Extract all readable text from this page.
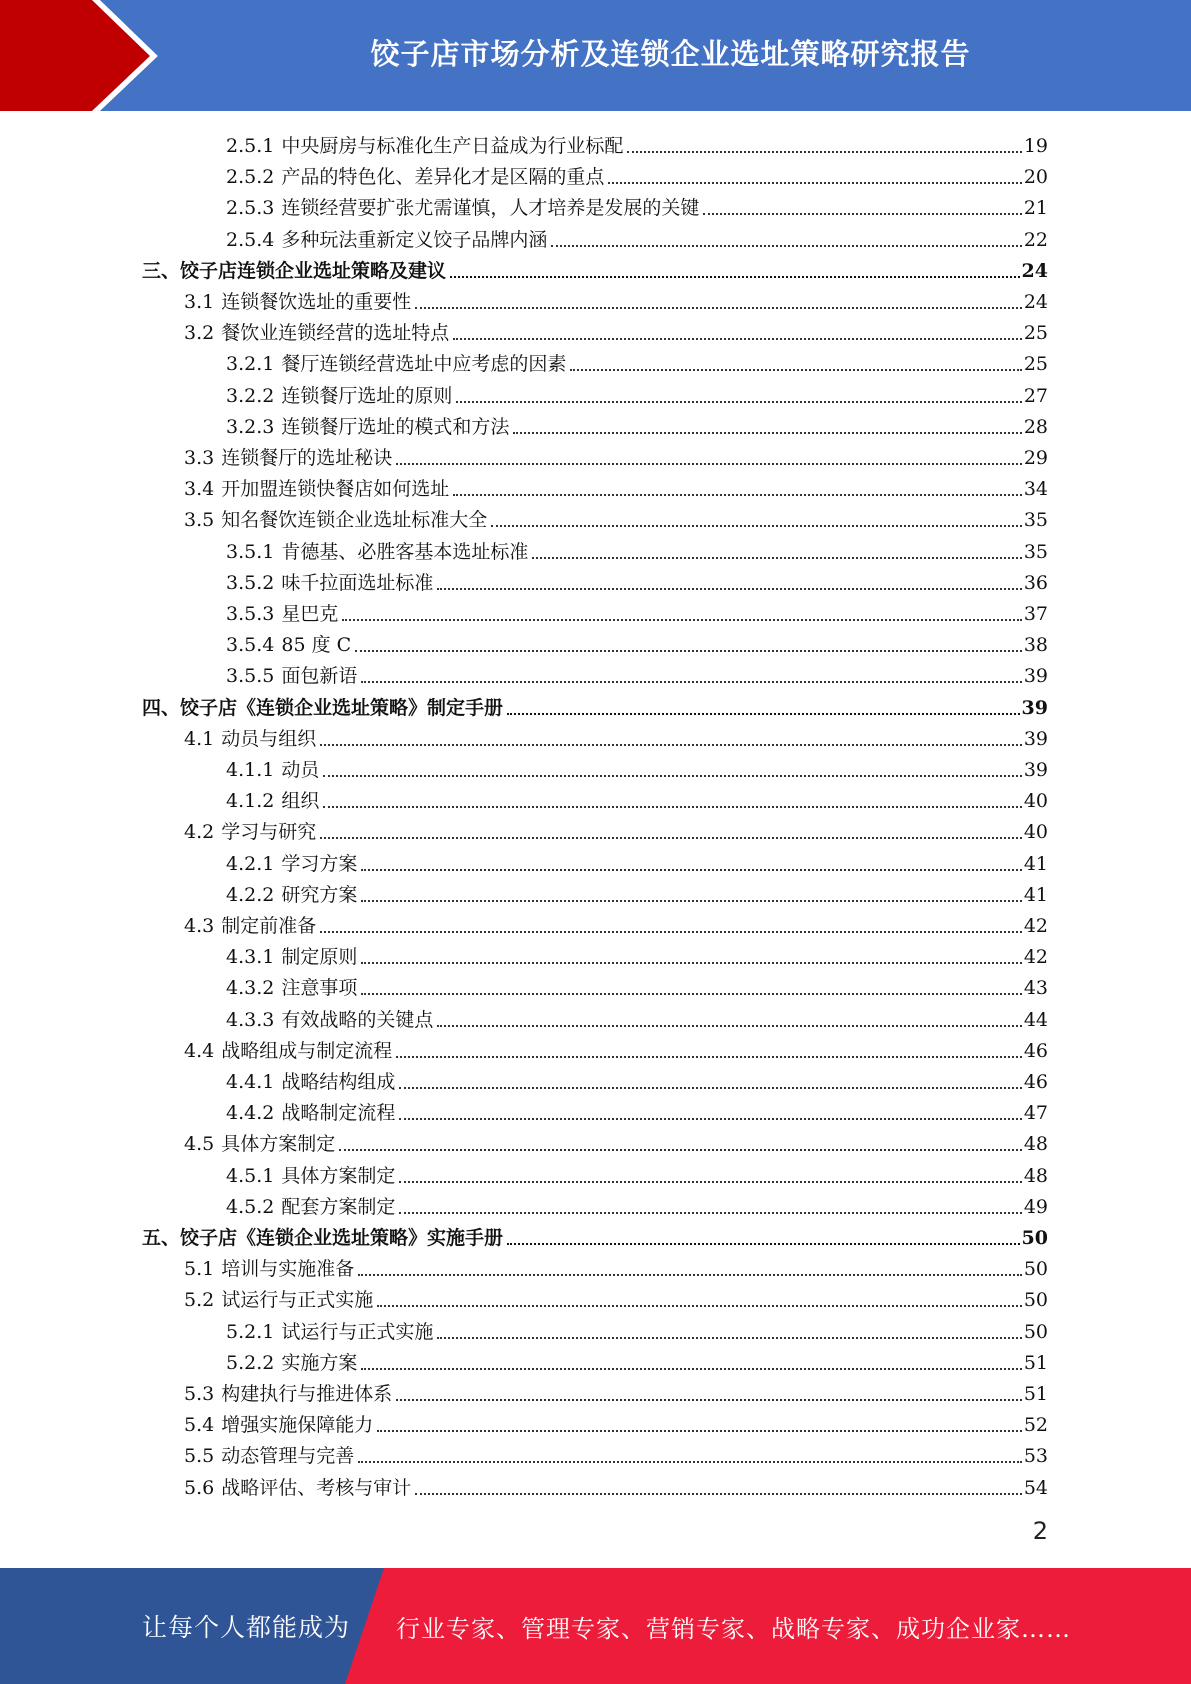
饺子店市场分析及连锁企业选址策略研究报告
2.5.1 中央厨房与标准化生产日益成为行业标配	19
2.5.2 产品的特色化、差异化才是区隔的重点	20
2.5.3 连锁经营要扩张尤需谨慎，人才培养是发展的关键	21
2.5.4 多种玩法重新定义饺子品牌内涵	22
三、 饺子店连锁企业选址策略及建议	24
3.1 连锁餐饮选址的重要性	24
3.2 餐饮业连锁经营的选址特点	25
3.2.1 餐厅连锁经营选址中应考虑的因素	25
3.2.2 连锁餐厅选址的原则	27
3.2.3 连锁餐厅选址的模式和方法	28
3.3 连锁餐厅的选址秘诀	29
3.4 开加盟连锁快餐店如何选址	34
3.5 知名餐饮连锁企业选址标准大全	35
3.5.1 肯德基、必胜客基本选址标准	35
3.5.2 味千拉面选址标准	36
3.5.3 星巴克	37
3.5.4 85 度 C	38
3.5.5 面包新语	39
四、 饺子店《连锁企业选址策略》制定手册	39
4.1 动员与组织	39
4.1.1 动员	39
4.1.2 组织	40
4.2 学习与研究	40
4.2.1 学习方案	41
4.2.2 研究方案	41
4.3 制定前准备	42
4.3.1 制定原则	42
4.3.2 注意事项	43
4.3.3 有效战略的关键点	44
4.4 战略组成与制定流程	46
4.4.1 战略结构组成	46
4.4.2 战略制定流程	47
4.5 具体方案制定	48
4.5.1 具体方案制定	48
4.5.2 配套方案制定	49
五、 饺子店《连锁企业选址策略》实施手册	50
5.1 培训与实施准备	50
5.2 试运行与正式实施	50
5.2.1 试运行与正式实施	50
5.2.2 实施方案	51
5.3 构建执行与推进体系	51
5.4 增强实施保障能力	52
5.5 动态管理与完善	53
5.6 战略评估、考核与审计	54
2
让每个人都能成为 行业专家、管理专家、营销专家、战略专家、成功企业家……
